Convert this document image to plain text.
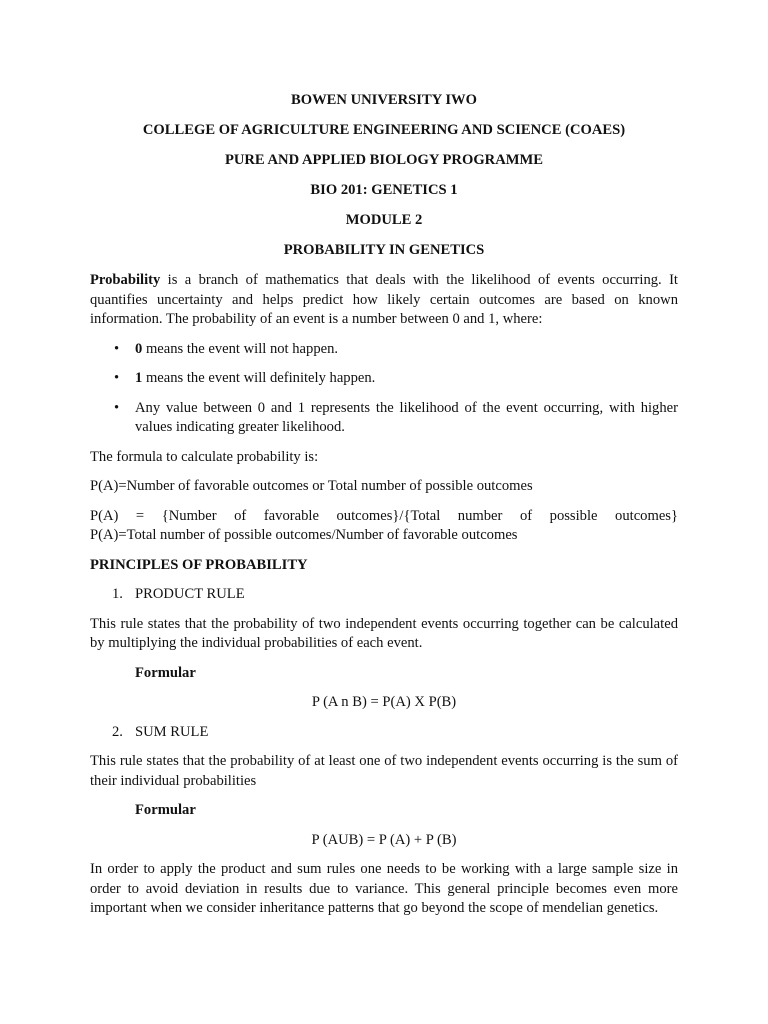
BOWEN UNIVERSITY IWO

COLLEGE OF AGRICULTURE ENGINEERING AND SCIENCE (COAES)

PURE AND APPLIED BIOLOGY PROGRAMME

BIO 201: GENETICS 1

MODULE 2

PROBABILITY IN GENETICS

Probability is a branch of mathematics that deals with the likelihood of events occurring. It quantifies uncertainty and helps predict how likely certain outcomes are based on known information. The probability of an event is a number between 0 and 1, where:

• 0 means the event will not happen.
• 1 means the event will definitely happen.
• Any value between 0 and 1 represents the likelihood of the event occurring, with higher values indicating greater likelihood.

The formula to calculate probability is:

P(A)=Number of favorable outcomes or Total number of possible outcomes

P(A) = {Number of favorable outcomes}/{Total number of possible outcomes}

P(A)=Total number of possible outcomes/Number of favorable outcomes

PRINCIPLES OF PROBABILITY

1. PRODUCT RULE

This rule states that the probability of two independent events occurring together can be calculated by multiplying the individual probabilities of each event.

Formular

P (A n B) = P(A) X P(B)

2. SUM RULE

This rule states that the probability of at least one of two independent events occurring is the sum of their individual probabilities

Formular

P (AUB) = P (A) + P (B)

In order to apply the product and sum rules one needs to be working with a large sample size in order to avoid deviation in results due to variance. This general principle becomes even more important when we consider inheritance patterns that go beyond the scope of mendelian genetics.
